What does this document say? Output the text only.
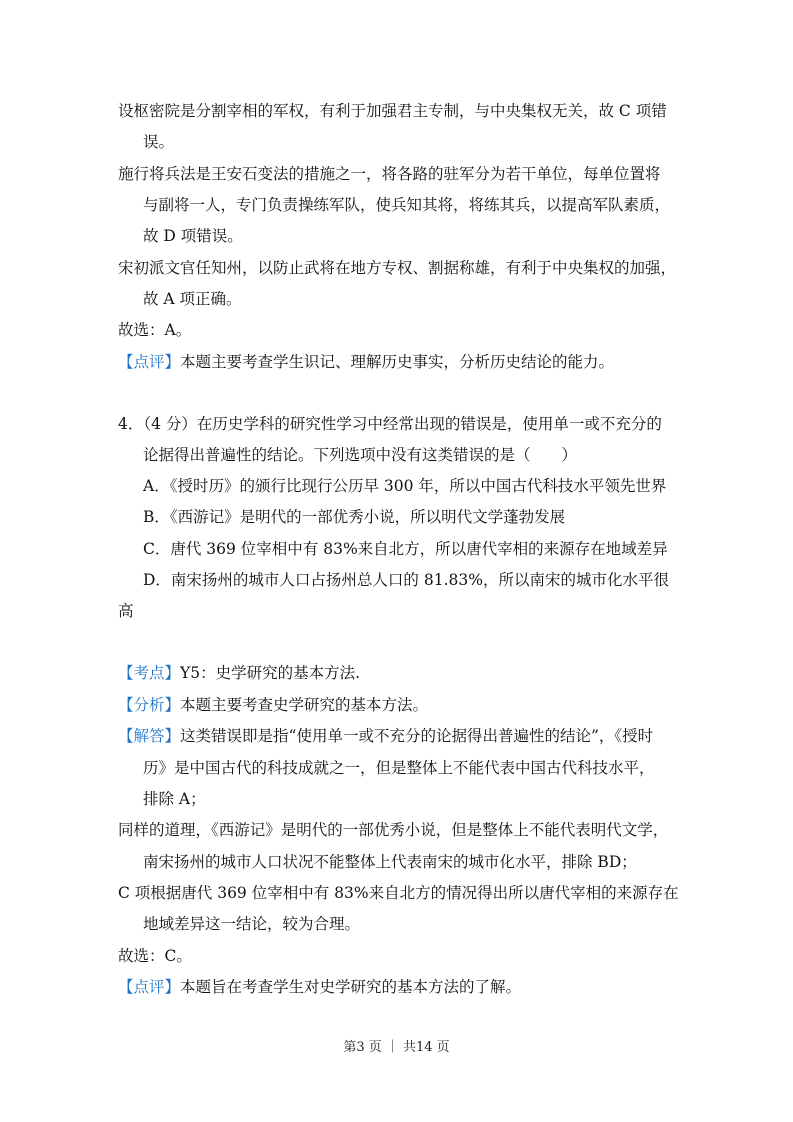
设枢密院是分割宰相的军权，有利于加强君主专制，与中央集权无关，故 C 项错
误。
施行将兵法是王安石变法的措施之一，将各路的驻军分为若干单位，每单位置将
与副将一人，专门负责操练军队，使兵知其将，将练其兵，以提高军队素质，
故 D 项错误。
宋初派文官任知州，以防止武将在地方专权、割据称雄，有利于中央集权的加强，
故 A 项正确。
故选：A。
【点评】本题主要考查学生识记、理解历史事实，分析历史结论的能力。
4．（4 分）在历史学科的研究性学习中经常出现的错误是，使用单一或不充分的
论据得出普遍性的结论。下列选项中没有这类错误的是（　　）
A．《授时历》的颁行比现行公历早 300 年，所以中国古代科技水平领先世界
B．《西游记》是明代的一部优秀小说，所以明代文学蓬勃发展
C．唐代 369 位宰相中有 83%来自北方，所以唐代宰相的来源存在地域差异
D．南宋扬州的城市人口占扬州总人口的 81.83%，所以南宋的城市化水平很
高
【考点】Y5：史学研究的基本方法.
【分析】本题主要考查史学研究的基本方法。
【解答】这类错误即是指“使用单一或不充分的论据得出普遍性的结论”，《授时
历》是中国古代的科技成就之一，但是整体上不能代表中国古代科技水平，
排除 A；
同样的道理，《西游记》是明代的一部优秀小说，但是整体上不能代表明代文学，
南宋扬州的城市人口状况不能整体上代表南宋的城市化水平，排除 BD；
C 项根据唐代 369 位宰相中有 83%来自北方的情况得出所以唐代宰相的来源存在
地域差异这一结论，较为合理。
故选：C。
【点评】本题旨在考查学生对史学研究的基本方法的了解。
第3 页 ｜ 共14 页
